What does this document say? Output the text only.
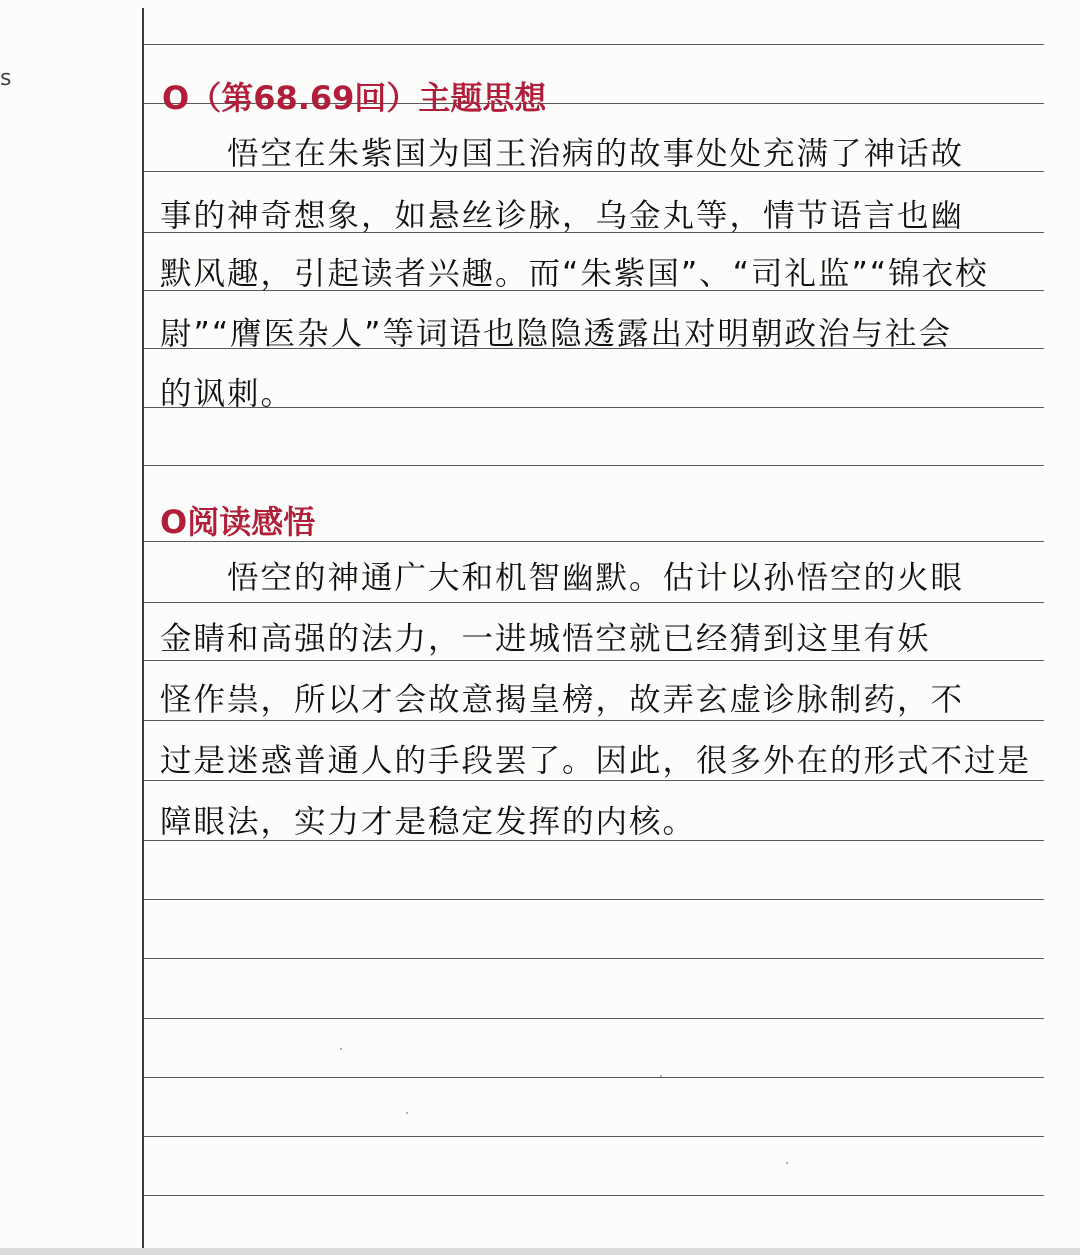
s
O（第68.69回）主题思想
　　悟空在朱紫国为国王治病的故事处处充满了神话故
事的神奇想象，如悬丝诊脉，乌金丸等，情节语言也幽
默风趣，引起读者兴趣。而“朱紫国”、“司礼监”“锦衣校
尉”“膺医杂人”等词语也隐隐透露出对明朝政治与社会
的讽刺。
O阅读感悟
　　悟空的神通广大和机智幽默。估计以孙悟空的火眼
金睛和高强的法力，一进城悟空就已经猜到这里有妖
怪作祟，所以才会故意揭皇榜，故弄玄虚诊脉制药，不
过是迷惑普通人的手段罢了。因此，很多外在的形式不过是
障眼法，实力才是稳定发挥的内核。
